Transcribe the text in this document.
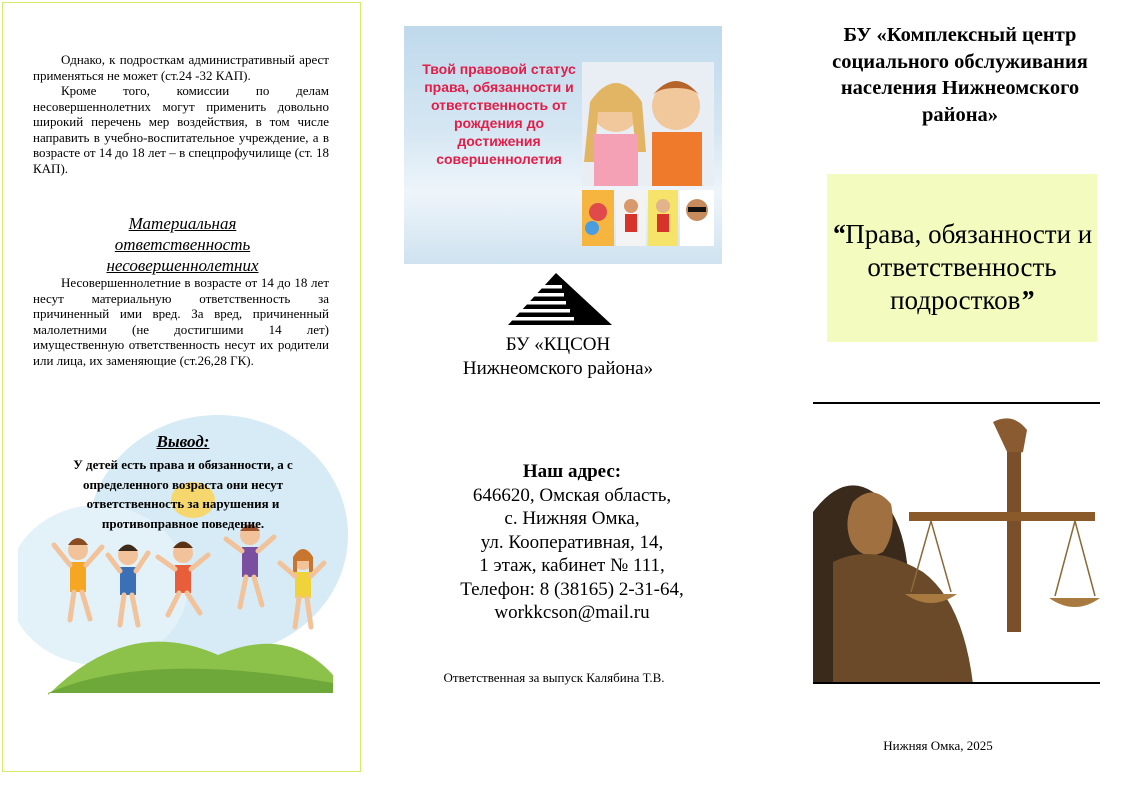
Однако, к подросткам административный арест применяться не может (ст.24 -32 КАП).

Кроме того, комиссии по делам несовершеннолетних могут применить довольно широкий перечень мер воздействия, в том числе направить в учебно-воспитательное учреждение, а в возрасте от 14 до 18 лет – в спецпрофучилище (ст. 18 КАП).

Материальная ответственность несовершеннолетних

Несовершеннолетние в возрасте от 14 до 18 лет несут материальную ответственность за причиненный ими вред. За вред, причиненный малолетними (не достигшими 14 лет) имущественную ответственность несут их родители или лица, их заменяющие (ст.26,28 ГК).

Вывод:
У детей есть права и обязанности, а с определенного возраста они несут ответственность за нарушения и противоправное поведение.
Твой правовой статус права, обязанности и ответственность от рождения до достижения совершеннолетия
БУ «КЦСОН
Нижнеомского района»
Наш адрес:
646620, Омская область,
с. Нижняя Омка,
ул. Кооперативная, 14,
1 этаж, кабинет № 111,
Телефон: 8 (38165) 2-31-64,
workkcson@mail.ru
Ответственная за выпуск Калябина Т.В.
БУ «Комплексный центр социального обслуживания населения Нижнеомского района»
“Права, обязанности и ответственность подростков”
Нижняя Омка, 2025
